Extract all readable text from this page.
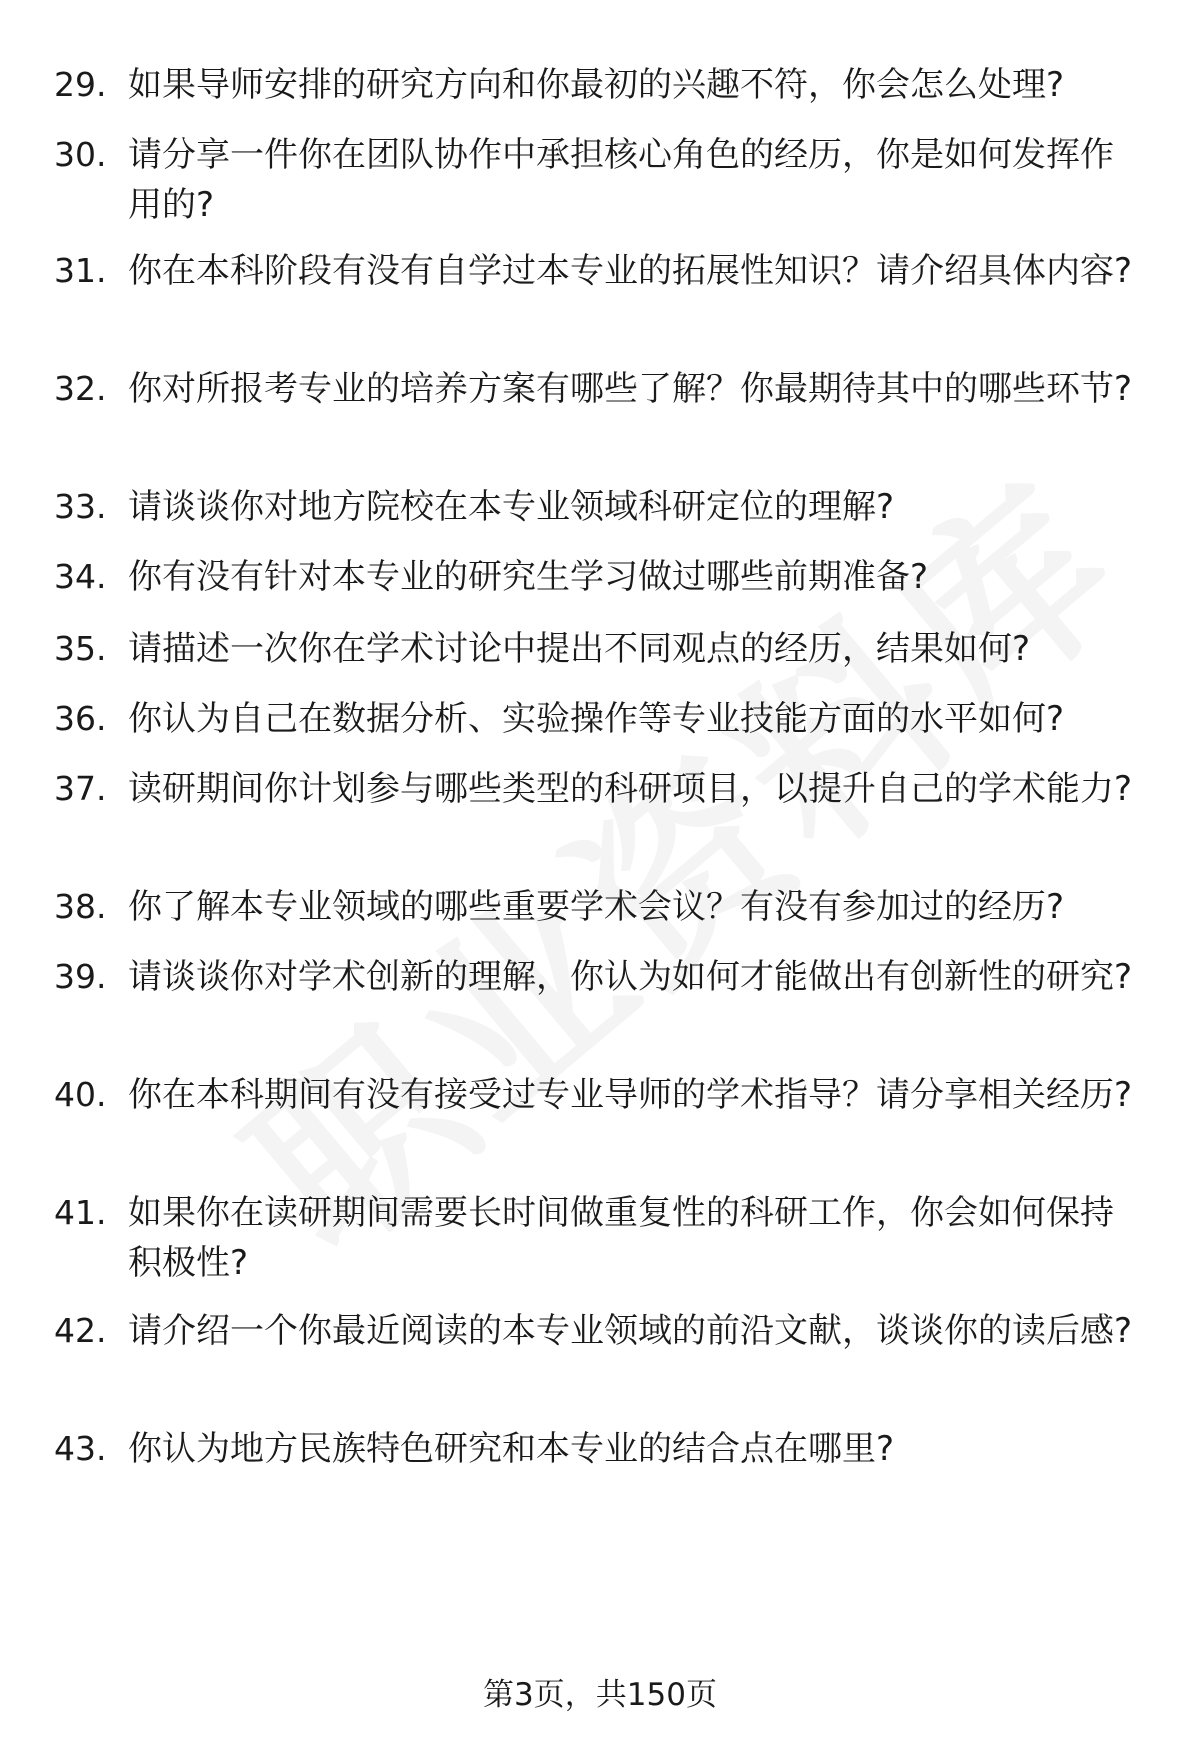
29. 如果导师安排的研究方向和你最初的兴趣不符，你会怎么处理?
30. 请分享一件你在团队协作中承担核心角色的经历，你是如何发挥作用的?
31. 你在本科阶段有没有自学过本专业的拓展性知识？请介绍具体内容?
32. 你对所报考专业的培养方案有哪些了解？你最期待其中的哪些环节?
33. 请谈谈你对地方院校在本专业领域科研定位的理解?
34. 你有没有针对本专业的研究生学习做过哪些前期准备?
35. 请描述一次你在学术讨论中提出不同观点的经历，结果如何?
36. 你认为自己在数据分析、实验操作等专业技能方面的水平如何?
37. 读研期间你计划参与哪些类型的科研项目，以提升自己的学术能力?
38. 你了解本专业领域的哪些重要学术会议？有没有参加过的经历?
39. 请谈谈你对学术创新的理解，你认为如何才能做出有创新性的研究?
40. 你在本科期间有没有接受过专业导师的学术指导？请分享相关经历?
41. 如果你在读研期间需要长时间做重复性的科研工作，你会如何保持积极性?
42. 请介绍一个你最近阅读的本专业领域的前沿文献，谈谈你的读后感?
43. 你认为地方民族特色研究和本专业的结合点在哪里?
第3页，共150页
